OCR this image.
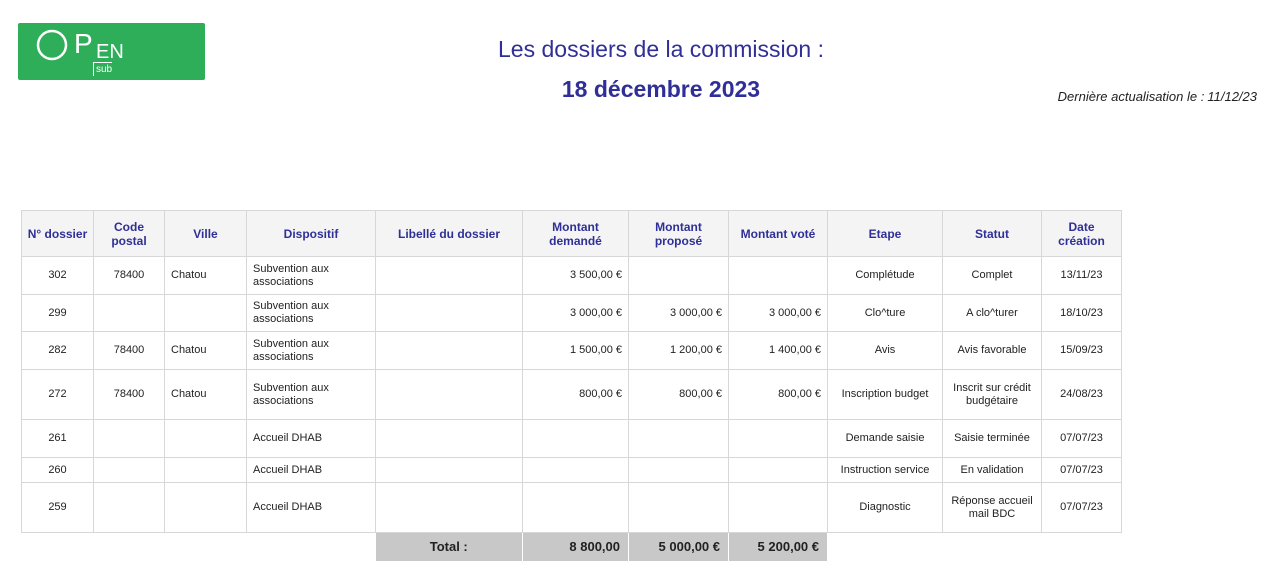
P EN
sub
Les dossiers de la commission :
18 décembre 2023	Dernière actualisation le : 11/12/23
N° dossier	Code postal	Ville	Dispositif	Libellé du dossier	Montant demandé	Montant proposé	Montant voté	Etape	Statut	Date création
302	78400	Chatou	Subvention aux associations		3 500,00 €			Complétude	Complet	13/11/23
299			Subvention aux associations		3 000,00 €	3 000,00 €	3 000,00 €	Clo^ture	A clo^turer	18/10/23
282	78400	Chatou	Subvention aux associations		1 500,00 €	1 200,00 €	1 400,00 €	Avis	Avis favorable	15/09/23
272	78400	Chatou	Subvention aux associations		800,00 €	800,00 €	800,00 €	Inscription budget	Inscrit sur crédit budgétaire	24/08/23
261			Accueil DHAB					Demande saisie	Saisie terminée	07/07/23
260			Accueil DHAB					Instruction service	En validation	07/07/23
259			Accueil DHAB					Diagnostic	Réponse accueil mail BDC	07/07/23
				Total :	8 800,00	5 000,00 €	5 200,00 €			
